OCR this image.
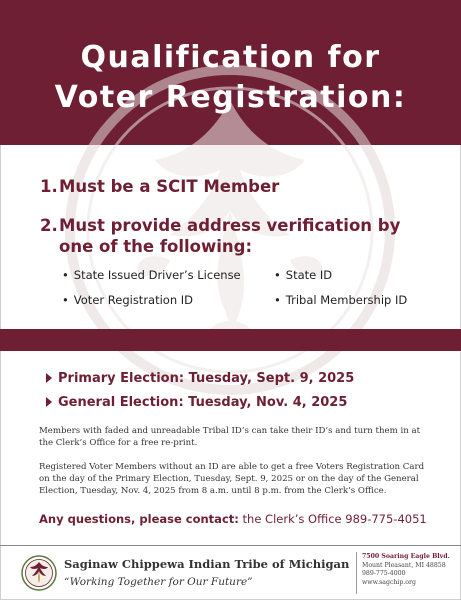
Qualification for
Voter Registration:
1.Must be a SCIT Member
2.Must provide address verification by
one of the following:
• State Issued Driver’s License	• State ID
• Voter Registration ID	• Tribal Membership ID
Primary Election: Tuesday, Sept. 9, 2025
General Election: Tuesday, Nov. 4, 2025
Members with faded and unreadable Tribal ID’s can take their ID’s and turn them in at the Clerk’s Office for a free re-print.
Registered Voter Members without an ID are able to get a free Voters Registration Card on the day of the Primary Election, Tuesday, Sept. 9, 2025 or on the day of the General Election, Tuesday, Nov. 4, 2025 from 8 a.m. until 8 p.m. from the Clerk’s Office.
Any questions, please contact: the Clerk’s Office 989-775-4051
Saginaw Chippewa Indian Tribe of Michigan
“Working Together for Our Future”
7500 Soaring Eagle Blvd.
Mount Pleasant, MI 48858
989-775-4000
www.sagchip.org
